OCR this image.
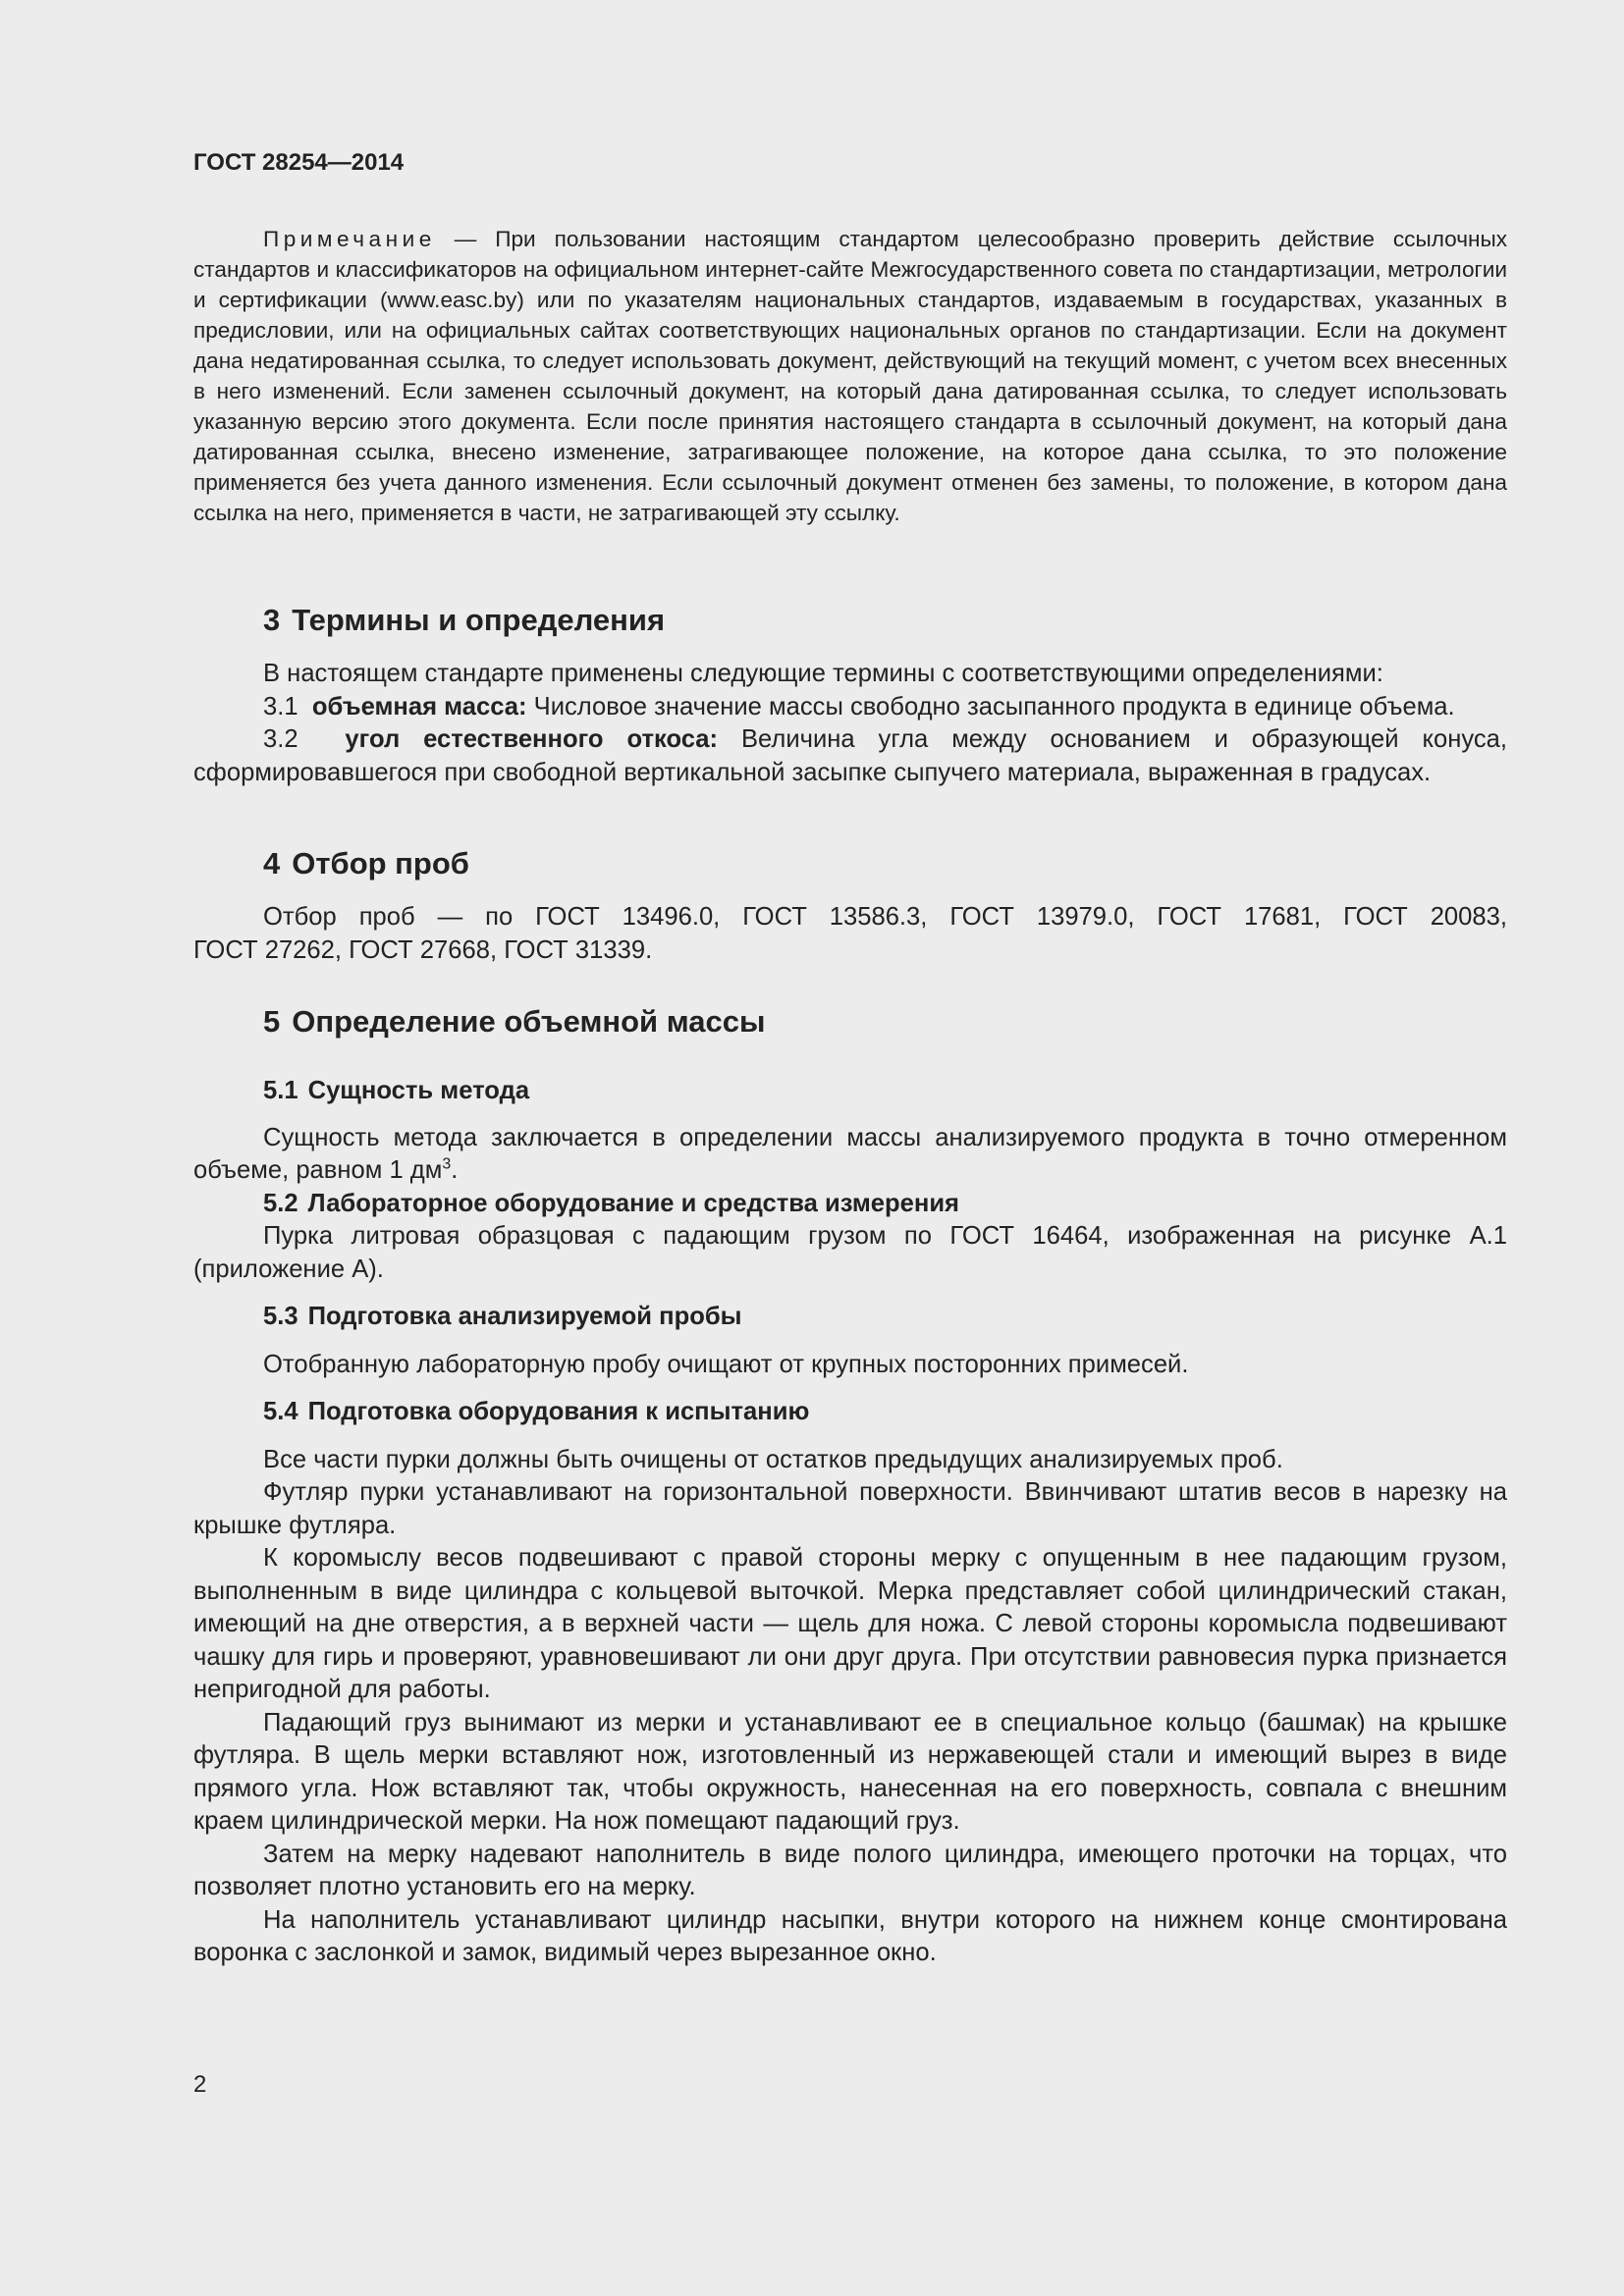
ГОСТ 28254—2014
Примечание — При пользовании настоящим стандартом целесообразно проверить действие ссылочных стандартов и классификаторов на официальном интернет-сайте Межгосударственного совета по стандартизации, метрологии и сертификации (www.easc.by) или по указателям национальных стандартов, издаваемым в государствах, указанных в предисловии, или на официальных сайтах соответствующих национальных органов по стандартизации. Если на документ дана недатированная ссылка, то следует использовать документ, действующий на текущий момент, с учетом всех внесенных в него изменений. Если заменен ссылочный документ, на который дана датированная ссылка, то следует использовать указанную версию этого документа. Если после принятия настоящего стандарта в ссылочный документ, на который дана датированная ссылка, внесено изменение, затрагивающее положение, на которое дана ссылка, то это положение применяется без учета данного изменения. Если ссылочный документ отменен без замены, то положение, в котором дана ссылка на него, применяется в части, не затрагивающей эту ссылку.
3 Термины и определения

В настоящем стандарте применены следующие термины с соответствующими определениями:

3.1 объемная масса: Числовое значение массы свободно засыпанного продукта в единице объема.

3.2 угол естественного откоса: Величина угла между основанием и образующей конуса, сформировавшегося при свободной вертикальной засыпке сыпучего материала, выраженная в градусах.

4 Отбор проб
Отбор проб — по ГОСТ 13496.0, ГОСТ 13586.3, ГОСТ 13979.0, ГОСТ 17681, ГОСТ 20083,

ГОСТ 27262, ГОСТ 27668, ГОСТ 31339.

5 Определение объемной массы
5.1 Сущность метода

Сущность метода заключается в определении массы анализируемого продукта в точно отмеренном объеме, равном 1 $дм^3$.

5.2 Лабораторное оборудование и средства измерения

Пурка литровая образцовая с падающим грузом по ГОСТ 16464, изображенная на рисунке А.1 (приложение А).

5.3 Подготовка анализируемой пробы

Отобранную лабораторную пробу очищают от крупных посторонних примесей.

5.4 Подготовка оборудования к испытанию

Все части пурки должны быть очищены от остатков предыдущих анализируемых проб.

Футляр пурки устанавливают на горизонтальной поверхности. Ввинчивают штатив весов в нарезку на крышке футляра.

К коромыслу весов подвешивают с правой стороны мерку с опущенным в нее падающим грузом, выполненным в виде цилиндра с кольцевой выточкой. Мерка представляет собой цилиндрический стакан, имеющий на дне отверстия, а в верхней части — щель для ножа. С левой стороны коромысла подвешивают чашку для гирь и проверяют, уравновешивают ли они друг друга. При отсутствии равновесия пурка признается непригодной для работы.

Падающий груз вынимают из мерки и устанавливают ее в специальное кольцо (башмак) на крышке футляра. В щель мерки вставляют нож, изготовленный из нержавеющей стали и имеющий вырез в виде прямого угла. Нож вставляют так, чтобы окружность, нанесенная на его поверхность, совпала с внешним краем цилиндрической мерки. На нож помещают падающий груз.

Затем на мерку надевают наполнитель в виде полого цилиндра, имеющего проточки на торцах, что позволяет плотно установить его на мерку.

На наполнитель устанавливают цилиндр насыпки, внутри которого на нижнем конце смонтирована воронка с заслонкой и замок, видимый через вырезанное окно.

2
